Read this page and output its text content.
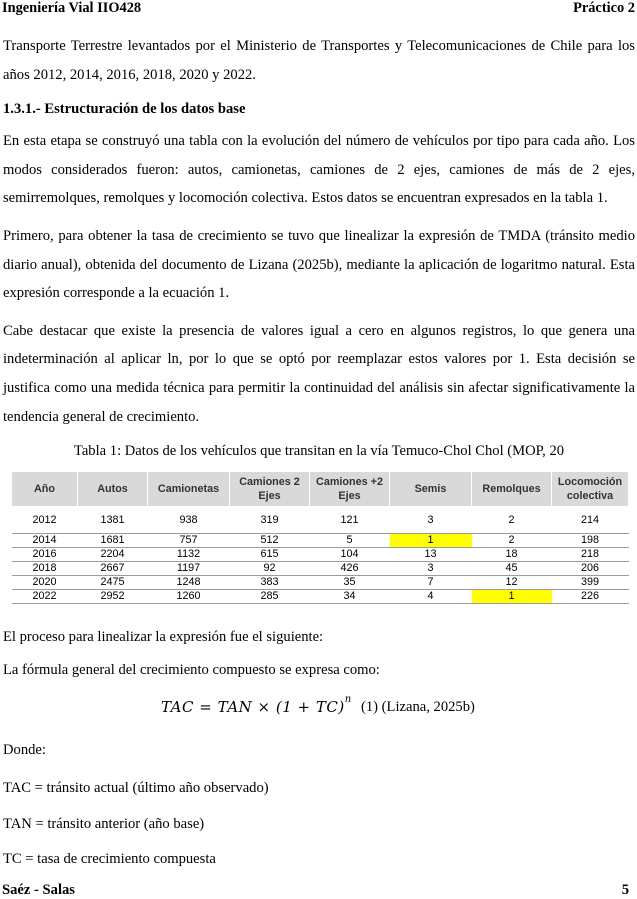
Ingeniería Vial IIO428	Práctico 2

Transporte Terrestre levantados por el Ministerio de Transportes y Telecomunicaciones de Chile para los años 2012, 2014, 2016, 2018, 2020 y 2022.

1.3.1.- Estructuración de los datos base

En esta etapa se construyó una tabla con la evolución del número de vehículos por tipo para cada año. Los modos considerados fueron: autos, camionetas, camiones de 2 ejes, camiones de más de 2 ejes, semirremolques, remolques y locomoción colectiva. Estos datos se encuentran expresados en la tabla 1.

Primero, para obtener la tasa de crecimiento se tuvo que linealizar la expresión de TMDA (tránsito medio diario anual), obtenida del documento de Lizana (2025b), mediante la aplicación de logaritmo natural. Esta expresión corresponde a la ecuación 1.

Cabe destacar que existe la presencia de valores igual a cero en algunos registros, lo que genera una indeterminación al aplicar ln, por lo que se optó por reemplazar estos valores por 1. Esta decisión se justifica como una medida técnica para permitir la continuidad del análisis sin afectar significativamente la tendencia general de crecimiento.

Tabla 1: Datos de los vehículos que transitan en la vía Temuco-Chol Chol (MOP, 20
Año	Autos	Camionetas	Camiones 2 Ejes	Camiones +2 Ejes	Semis	Remolques	Locomoción colectiva
2012	1381	938	319	121	3	2	214
2014	1681	757	512	5	1	2	198
2016	2204	1132	615	104	13	18	218
2018	2667	1197	92	426	3	45	206
2020	2475	1248	383	35	7	12	399
2022	2952	1260	285	34	4	1	226

El proceso para linealizar la expresión fue el siguiente:

La fórmula general del crecimiento compuesto se expresa como:

TAC = TAN × (1 + TC)$^n$ (1) (Lizana, 2025b)

Donde:

TAC = tránsito actual (último año observado)

TAN = tránsito anterior (año base)

TC = tasa de crecimiento compuesta

Saéz - Salas	5
